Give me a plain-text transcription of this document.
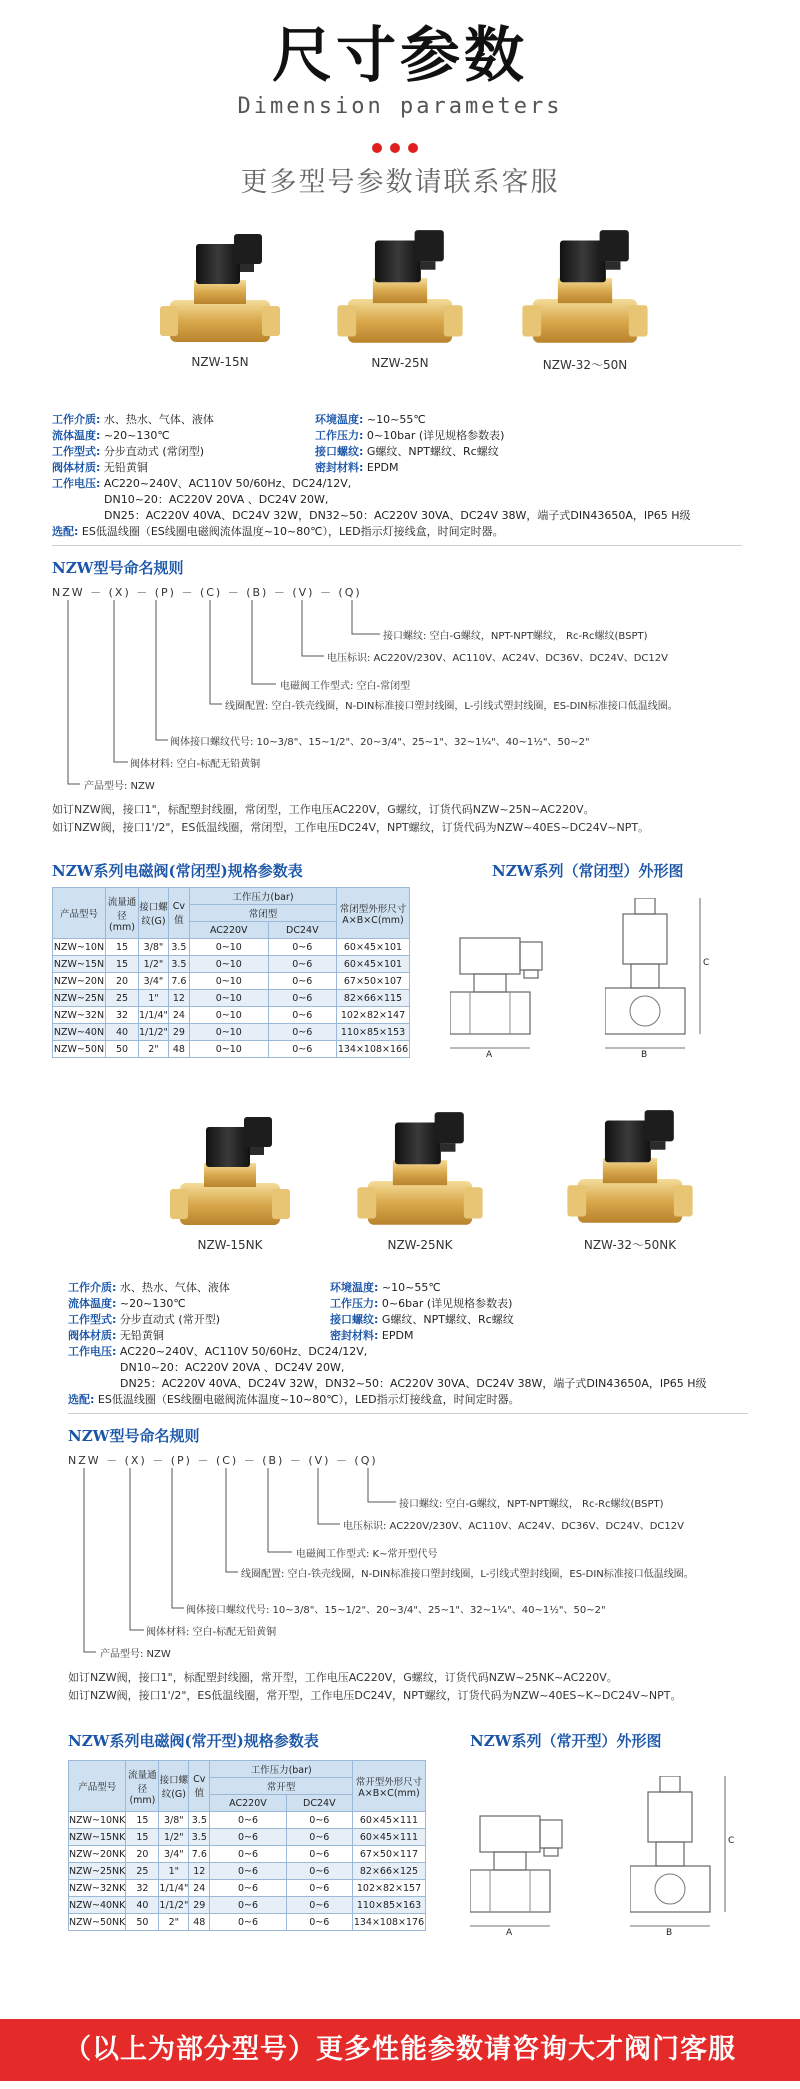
尺寸参数
Dimension parameters
更多型号参数请联系客服
NZW-15N	NZW-25N	NZW-32～50N
工作介质: 水、热水、气体、液体
流体温度: ~20~130℃
工作型式: 分步直动式 (常闭型)
阀体材质: 无铅黄铜
环境温度: ~10~55℃
工作压力: 0~10bar (详见规格参数表)
接口螺纹: G螺纹、NPT螺纹、Rc螺纹
密封材料: EPDM
工作电压: AC220~240V、AC110V 50/60Hz、DC24/12V,
DN10~20：AC220V 20VA 、DC24V 20W,
DN25：AC220V 40VA、DC24V 32W，DN32~50：AC220V 30VA、DC24V 38W，端子式DIN43650A，IP65 H级
选配: ES低温线圈（ES线圈电磁阀流体温度~10~80℃），LED指示灯接线盒，时间定时器。
NZW型号命名规则
NZW － (X) － (P) － (C) － (B) － (V) － (Q)
接口螺纹: 空白-G螺纹，NPT-NPT螺纹， Rc-Rc螺纹(BSPT)
电压标识: AC220V/230V、AC110V、AC24V、DC36V、DC24V、DC12V
电磁阀工作型式: 空白-常闭型
线圈配置: 空白-铁壳线圈，N-DIN标准接口塑封线圈，L-引线式塑封线圈，ES-DIN标准接口低温线圈。
阀体接口螺纹代号: 10~3/8"、15~1/2"、20~3/4"、25~1"、32~1¼"、40~1½"、50~2"
阀体材料: 空白-标配无铅黄铜
产品型号: NZW
如订NZW阀，接口1"，标配塑封线圈，常闭型，工作电压AC220V，G螺纹，订货代码NZW~25N~AC220V。
如订NZW阀，接口1'/2"，ES低温线圈，常闭型，工作电压DC24V，NPT螺纹，订货代码为NZW~40ES~DC24V~NPT。
NZW系列电磁阀(常闭型)规格参数表	NZW系列（常闭型）外形图
产品型号	流量通径(mm)	接口螺纹(G)	Cv值	工作压力(bar)		常闭型外形尺寸A×B×C(mm)
				常闭型		
				AC220V	DC24V	
NZW~10N	15	3/8"	3.5	0~10	0~6	60×45×101
NZW~15N	15	1/2"	3.5	0~10	0~6	60×45×101
NZW~20N	20	3/4"	7.6	0~10	0~6	67×50×107
NZW~25N	25	1"	12	0~10	0~6	82×66×115
NZW~32N	32	1/1/4"	24	0~10	0~6	102×82×147
NZW~40N	40	1/1/2"	29	0~10	0~6	110×85×153
NZW~50N	50	2"	48	0~10	0~6	134×108×166
A	B
C
NZW-15NK	NZW-25NK	NZW-32～50NK
工作介质: 水、热水、气体、液体
流体温度: ~20~130℃
工作型式: 分步直动式 (常开型)
阀体材质: 无铅黄铜
环境温度: ~10~55℃
工作压力: 0~6bar (详见规格参数表)
接口螺纹: G螺纹、NPT螺纹、Rc螺纹
密封材料: EPDM
工作电压: AC220~240V、AC110V 50/60Hz、DC24/12V,
DN10~20：AC220V 20VA 、DC24V 20W,
DN25：AC220V 40VA、DC24V 32W，DN32~50：AC220V 30VA、DC24V 38W，端子式DIN43650A，IP65 H级
选配: ES低温线圈（ES线圈电磁阀流体温度~10~80℃），LED指示灯接线盒，时间定时器。
NZW型号命名规则
NZW － (X) － (P) － (C) － (B) － (V) － (Q)
接口螺纹: 空白-G螺纹，NPT-NPT螺纹， Rc-Rc螺纹(BSPT)
电压标识: AC220V/230V、AC110V、AC24V、DC36V、DC24V、DC12V
电磁阀工作型式: K~常开型代号
线圈配置: 空白-铁壳线圈，N-DIN标准接口塑封线圈，L-引线式塑封线圈，ES-DIN标准接口低温线圈。
阀体接口螺纹代号: 10~3/8"、15~1/2"、20~3/4"、25~1"、32~1¼"、40~1½"、50~2"
阀体材料: 空白-标配无铅黄铜
产品型号: NZW
如订NZW阀，接口1"，标配塑封线圈，常开型，工作电压AC220V，G螺纹，订货代码NZW~25NK~AC220V。
如订NZW阀，接口1'/2"，ES低温线圈，常开型，工作电压DC24V，NPT螺纹，订货代码为NZW~40ES~K~DC24V~NPT。
NZW系列电磁阀(常开型)规格参数表	NZW系列（常开型）外形图
产品型号	流量通径(mm)	接口螺纹(G)	Cv值	工作压力(bar)		常开型外形尺寸A×B×C(mm)
				常开型		
				AC220V	DC24V	
NZW~10NK	15	3/8"	3.5	0~6	0~6	60×45×111
NZW~15NK	15	1/2"	3.5	0~6	0~6	60×45×111
NZW~20NK	20	3/4"	7.6	0~6	0~6	67×50×117
NZW~25NK	25	1"	12	0~6	0~6	82×66×125
NZW~32NK	32	1/1/4"	24	0~6	0~6	102×82×157
NZW~40NK	40	1/1/2"	29	0~6	0~6	110×85×163
NZW~50NK	50	2"	48	0~6	0~6	134×108×176
A	B
C
（以上为部分型号）更多性能参数请咨询大才阀门客服
